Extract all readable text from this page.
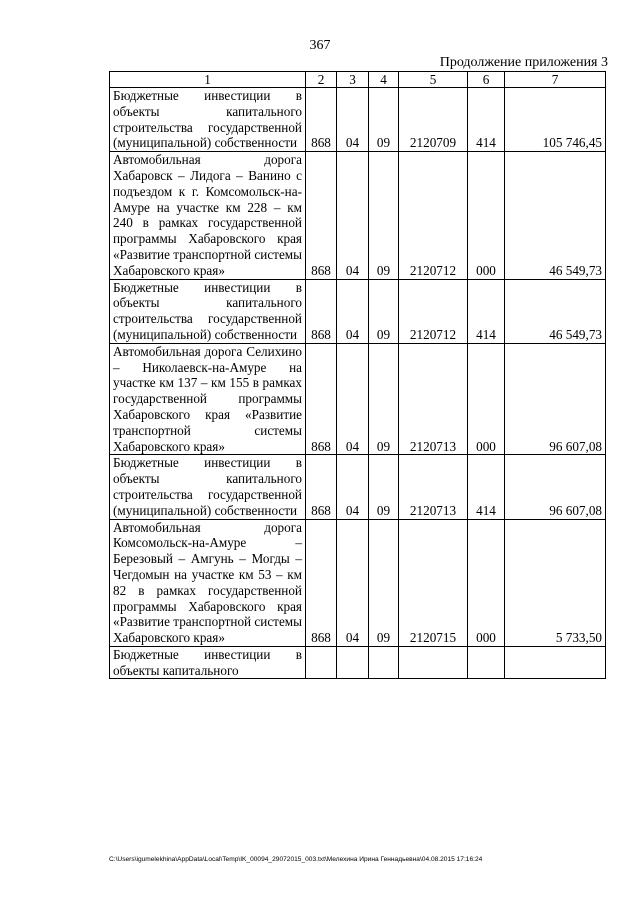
367
Продолжение приложения 3
1	2	3	4	5	6	7
Бюджетные инвестиции в объекты капитального строительства государственной (муниципальной) собственности	868	04	09	2120709	414	105 746,45
Автомобильная дорога Хабаровск – Лидога – Ванино с подъездом к г. Комсомольск-на-Амуре на участке км 228 – км 240 в рамках государственной программы Хабаровского края «Развитие транспортной системы Хабаровского края»	868	04	09	2120712	000	46 549,73
Бюджетные инвестиции в объекты капитального строительства государственной (муниципальной) собственности	868	04	09	2120712	414	46 549,73
Автомобильная дорога Селихино – Николаевск-на-Амуре на участке км 137 – км 155 в рамках государственной программы Хабаровского края «Развитие транспортной системы Хабаровского края»	868	04	09	2120713	000	96 607,08
Бюджетные инвестиции в объекты капитального строительства государственной (муниципальной) собственности	868	04	09	2120713	414	96 607,08
Автомобильная дорога Комсомольск-на-Амуре – Березовый – Амгунь – Могды – Чегдомын на участке км 53 – км 82 в рамках государственной программы Хабаровского края «Развитие транспортной системы Хабаровского края»	868	04	09	2120715	000	5 733,50
Бюджетные инвестиции в объекты капитального						
C:\Users\igumelekhina\AppData\Local\Temp\IK_00094_29072015_003.txt\Мелехина Ирина Геннадьевна\04.08.2015 17:16:24
